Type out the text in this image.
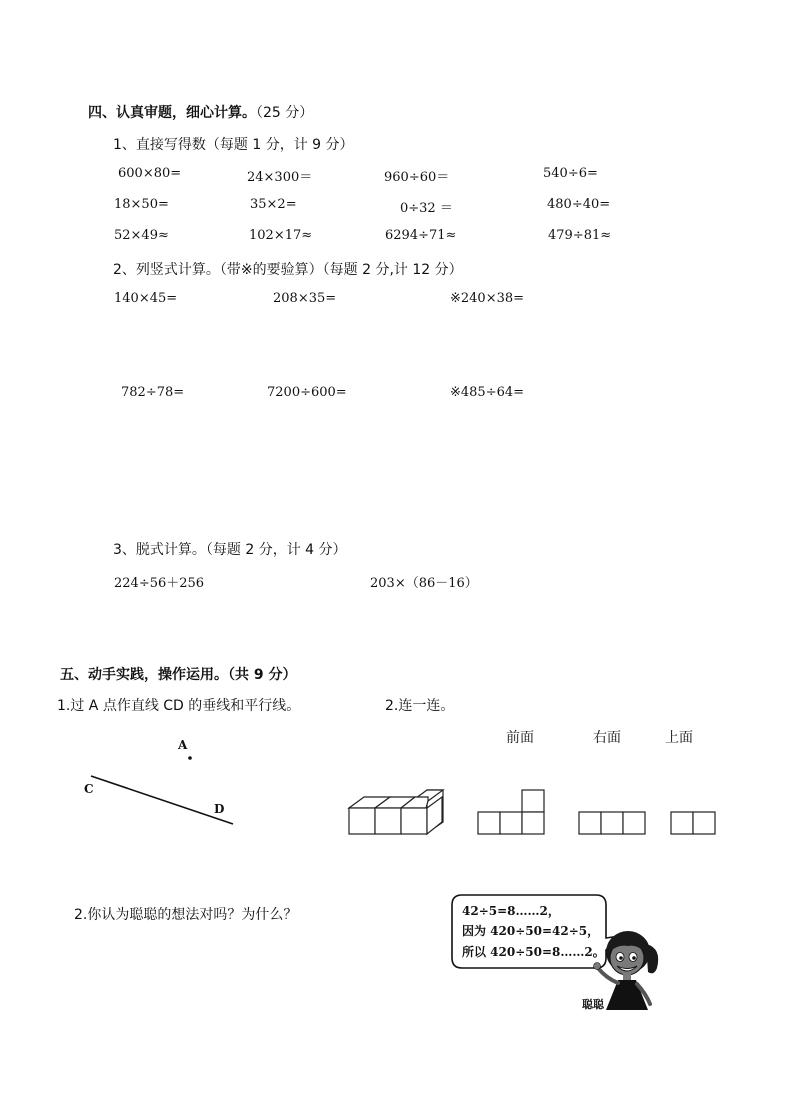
四、认真审题，细心计算。（25 分）
1、直接写得数（每题 1 分，计 9 分）
600×80=	24×300＝	960÷60＝	540÷6=
18×50=	35×2=	0÷32 ＝	480÷40=
52×49≈	102×17≈	6294÷71≈	479÷81≈
2、列竖式计算。（带※的要验算）（每题 2 分,计 12 分）
140×45=	208×35=	※240×38=
782÷78=	7200÷600=	※485÷64=
3、脱式计算。（每题 2 分，计 4 分）
224÷56＋256	203×（86－16）
五、动手实践，操作运用。（共 9 分）
1.过 A 点作直线 CD 的垂线和平行线。	2.连一连。
A
C
D
前面	右面	上面
2.你认为聪聪的想法对吗？为什么？	42÷5=8……2，
因为 420÷50=42÷5，
所以 420÷50=8……2。
聪聪
